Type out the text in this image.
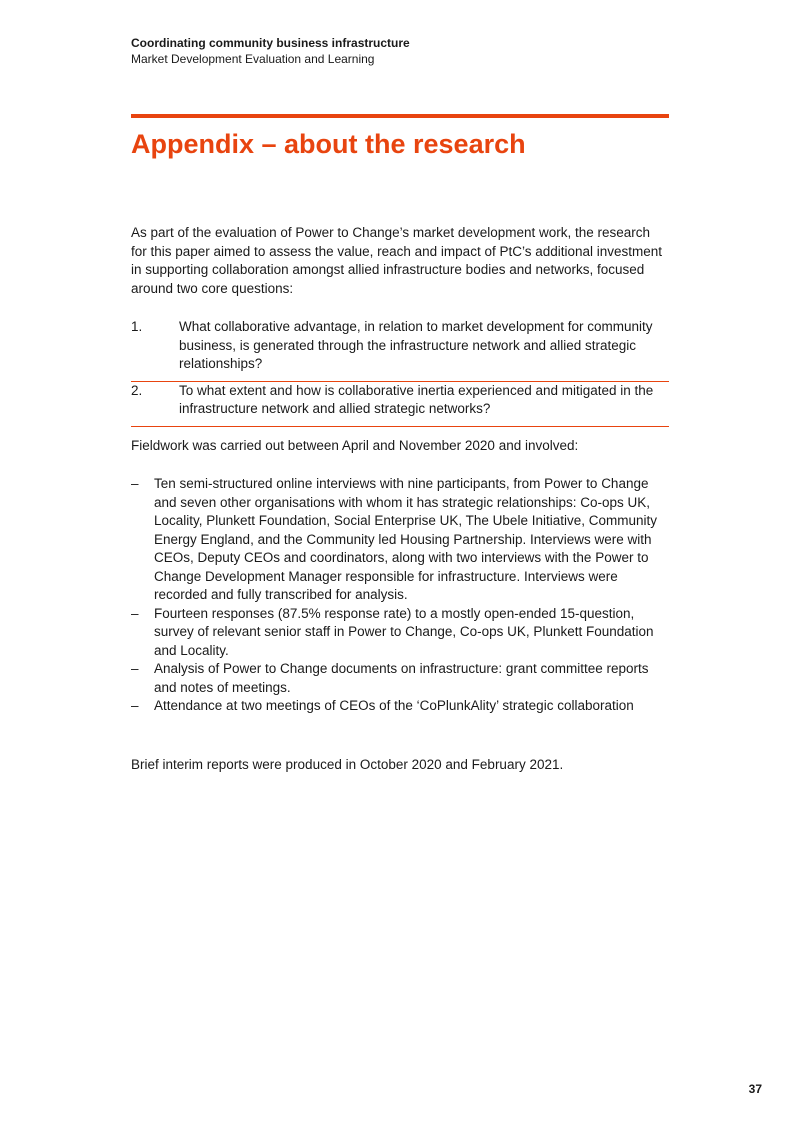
Coordinating community business infrastructure
Market Development Evaluation and Learning
Appendix – about the research

As part of the evaluation of Power to Change’s market development work, the research for this paper aimed to assess the value, reach and impact of PtC’s additional investment in supporting collaboration amongst allied infrastructure bodies and networks, focused around two core questions:

1.	What collaborative advantage, in relation to market development for community business, is generated through the infrastructure network and allied strategic relationships?
2.	To what extent and how is collaborative inertia experienced and mitigated in the infrastructure network and allied strategic networks?

Fieldwork was carried out between April and November 2020 and involved:

–	Ten semi-structured online interviews with nine participants, from Power to Change and seven other organisations with whom it has strategic relationships: Co-ops UK, Locality, Plunkett Foundation, Social Enterprise UK, The Ubele Initiative, Community Energy England, and the Community led Housing Partnership. Interviews were with CEOs, Deputy CEOs and coordinators, along with two interviews with the Power to Change Development Manager responsible for infrastructure. Interviews were recorded and fully transcribed for analysis.
–	Fourteen responses (87.5% response rate) to a mostly open-ended 15-question, survey of relevant senior staff in Power to Change, Co-ops UK, Plunkett Foundation and Locality.
–	Analysis of Power to Change documents on infrastructure: grant committee reports and notes of meetings.
–	Attendance at two meetings of CEOs of the ‘CoPlunkAlity’ strategic collaboration

Brief interim reports were produced in October 2020 and February 2021.

37
